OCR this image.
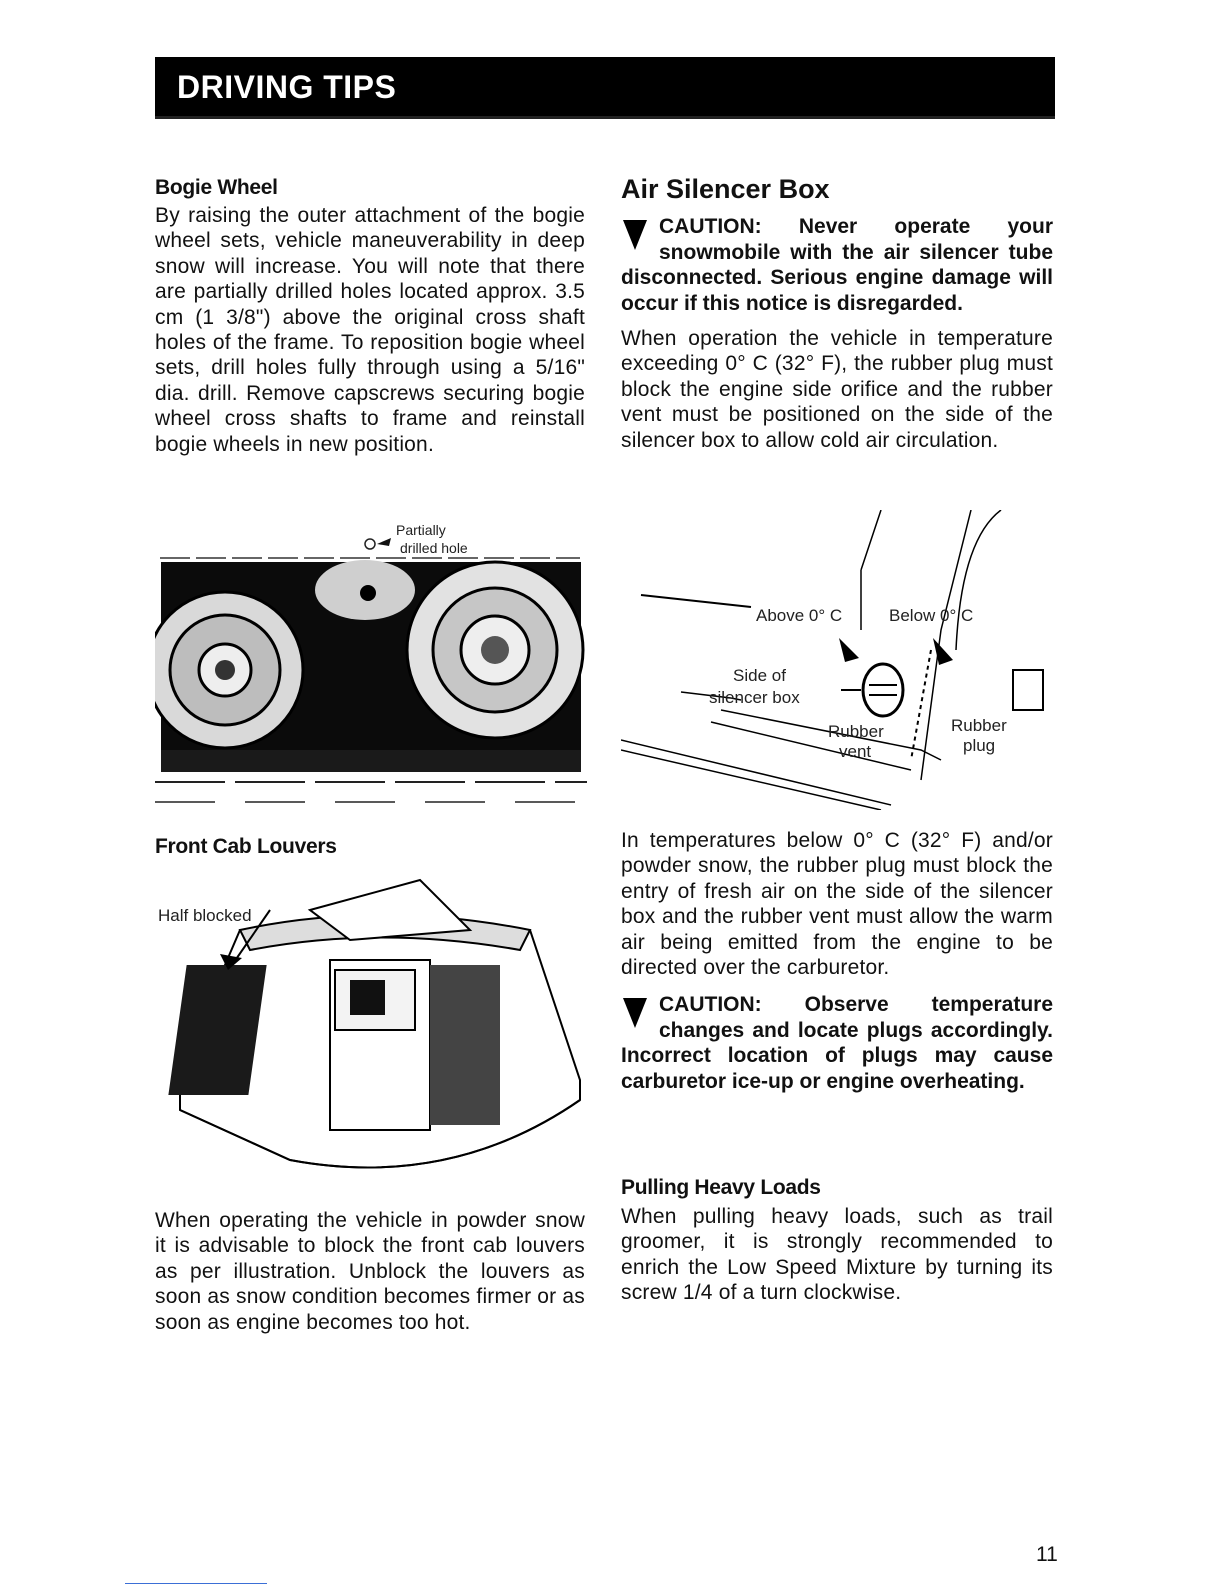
DRIVING TIPS
Bogie Wheel

By raising the outer attachment of the bogie wheel sets, vehicle maneuverability in deep snow will increase. You will note that there are partially drilled holes located approx. 3.5 cm (1 3/8") above the original cross shaft holes of the frame. To reposition bogie wheel sets, drill holes fully through using a 5/16" dia. drill. Remove capscrews securing bogie wheel cross shafts to frame and reinstall bogie wheels in new position.

Partially
drilled hole
Front Cab Louvers
Half blocked

When operating the vehicle in powder snow it is advisable to block the front cab louvers as per illustration. Unblock the louvers as soon as snow condition becomes firmer or as soon as engine becomes too hot.

Air Silencer Box

CAUTION: Never operate your snowmobile with the air silencer tube disconnected. Serious engine damage will occur if this notice is disregarded.

When operation the vehicle in temperature exceeding 0° C (32° F), the rubber plug must block the engine side orifice and the rubber vent must be positioned on the side of the silencer box to allow cold air circulation.

Above 0° C	Below 0° C
Side of
silencer box
Rubber
vent
Rubber
plug

In temperatures below 0° C (32° F) and/or powder snow, the rubber plug must block the entry of fresh air on the side of the silencer box and the rubber vent must allow the warm air being emitted from the engine to be directed over the carburetor.

CAUTION: Observe temperature changes and locate plugs accordingly. Incorrect location of plugs may cause carburetor ice-up or engine overheating.

Pulling Heavy Loads

When pulling heavy loads, such as trail groomer, it is strongly recommended to enrich the Low Speed Mixture by turning its screw 1/4 of a turn clockwise.

11
